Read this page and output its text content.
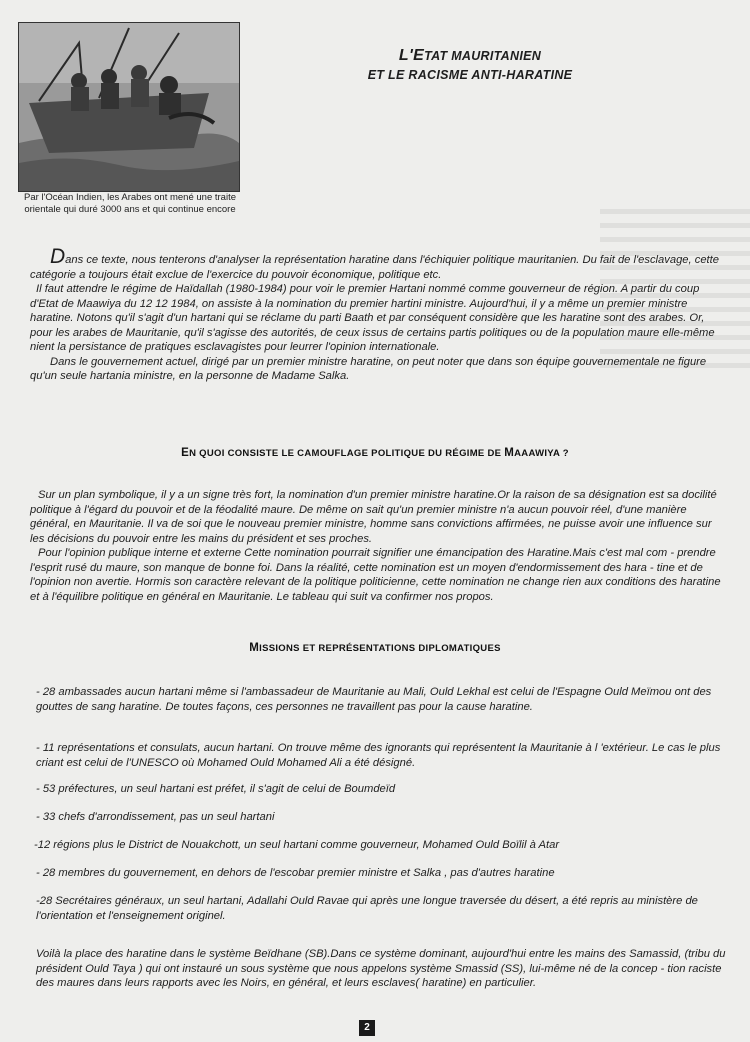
Par l'Océan Indien, les Arabes ont mené une traite orientale qui duré 3000 ans et qui continue encore
L'ETAT MAURITANIEN
ET LE RACISME ANTI-HARATINE

Dans ce texte, nous tenterons d'analyser la représentation haratine dans l'échiquier politique mauritanien. Du fait de l'esclavage, cette catégorie a toujours était exclue de l'exercice du pouvoir économique, politique etc.

Il faut attendre le régime de Haïdallah (1980-1984) pour voir le premier Hartani nommé comme gouverneur de région. A partir du coup d'Etat de Maawiya du 12 12 1984, on assiste à la nomination du premier hartini ministre. Aujourd'hui, il y a même un premier ministre haratine. Notons qu'il s'agit d'un hartani qui se réclame du parti Baath et par conséquent considère que les haratine sont des arabes. Or, pour les arabes de Mauritanie, qu'il s'agisse des autorités, de ceux issus de certains partis politiques ou de la population maure elle-même nient la persistance de pratiques esclavagistes pour leurrer l'opinion internationale.

Dans le gouvernement actuel, dirigé par un premier ministre haratine, on peut noter que dans son équipe gouvernementale ne figure qu'un seule hartania ministre, en la personne de Madame Salka.

EN QUOI CONSISTE LE CAMOUFLAGE POLITIQUE DU RÉGIME DE MAAAWIYA ?

Sur un plan symbolique, il y a un signe très fort, la nomination d'un premier ministre haratine.Or la raison de sa désignation est sa docilité politique à l'égard du pouvoir et de la féodalité maure. De même on sait qu'un premier ministre n'a aucun pouvoir réel, d'une manière général, en Mauritanie. Il va de soi que le nouveau premier ministre, homme sans convictions affirmées, ne puisse avoir une influence sur les décisions du pouvoir entre les mains du président et ses proches.

Pour l'opinion publique interne et externe Cette nomination pourrait signifier une émancipation des Haratine.Mais c'est mal com - prendre l'esprit rusé du maure, son manque de bonne foi. Dans la réalité, cette nomination est un moyen d'endormissement des hara - tine et de l'opinion non avertie. Hormis son caractère relevant de la politique politicienne, cette nomination ne change rien aux conditions des haratine et à l'équilibre politique en général en Mauritanie. Le tableau qui suit va confirmer nos propos.

MISSIONS ET REPRÉSENTATIONS DIPLOMATIQUES
- 28 ambassades aucun hartani même si l'ambassadeur de Mauritanie au Mali, Ould Lekhal est celui de l'Espagne Ould Meïmou ont des gouttes de sang haratine. De toutes façons, ces personnes ne travaillent pas pour la cause haratine.
- 11 représentations et consulats, aucun hartani. On trouve même des ignorants qui représentent la Mauritanie à l 'extérieur. Le cas le plus criant est celui de l'UNESCO où Mohamed Ould Mohamed Ali a été désigné.
- 53 préfectures, un seul hartani est préfet, il s'agit de celui de Boumdeïd
- 33 chefs d'arrondissement, pas un seul hartani
-12 régions plus le District de Nouakchott, un seul hartani comme gouverneur, Mohamed Ould Boïlil à Atar
- 28 membres du gouvernement, en dehors de l'escobar premier ministre et Salka , pas d'autres haratine
-28 Secrétaires généraux, un seul hartani, Adallahi Ould Ravae qui après une longue traversée du désert, a été repris au ministère de l'orientation et l'enseignement originel.
Voilà la place des haratine dans le système Beïdhane (SB).Dans ce système dominant, aujourd'hui entre les mains des Samassid, (tribu du président Ould Taya ) qui ont instauré un sous système que nous appelons système Smassid (SS), lui-même né de la concep - tion raciste des maures dans leurs rapports avec les Noirs, en général, et leurs esclaves( haratine) en particulier.
2
